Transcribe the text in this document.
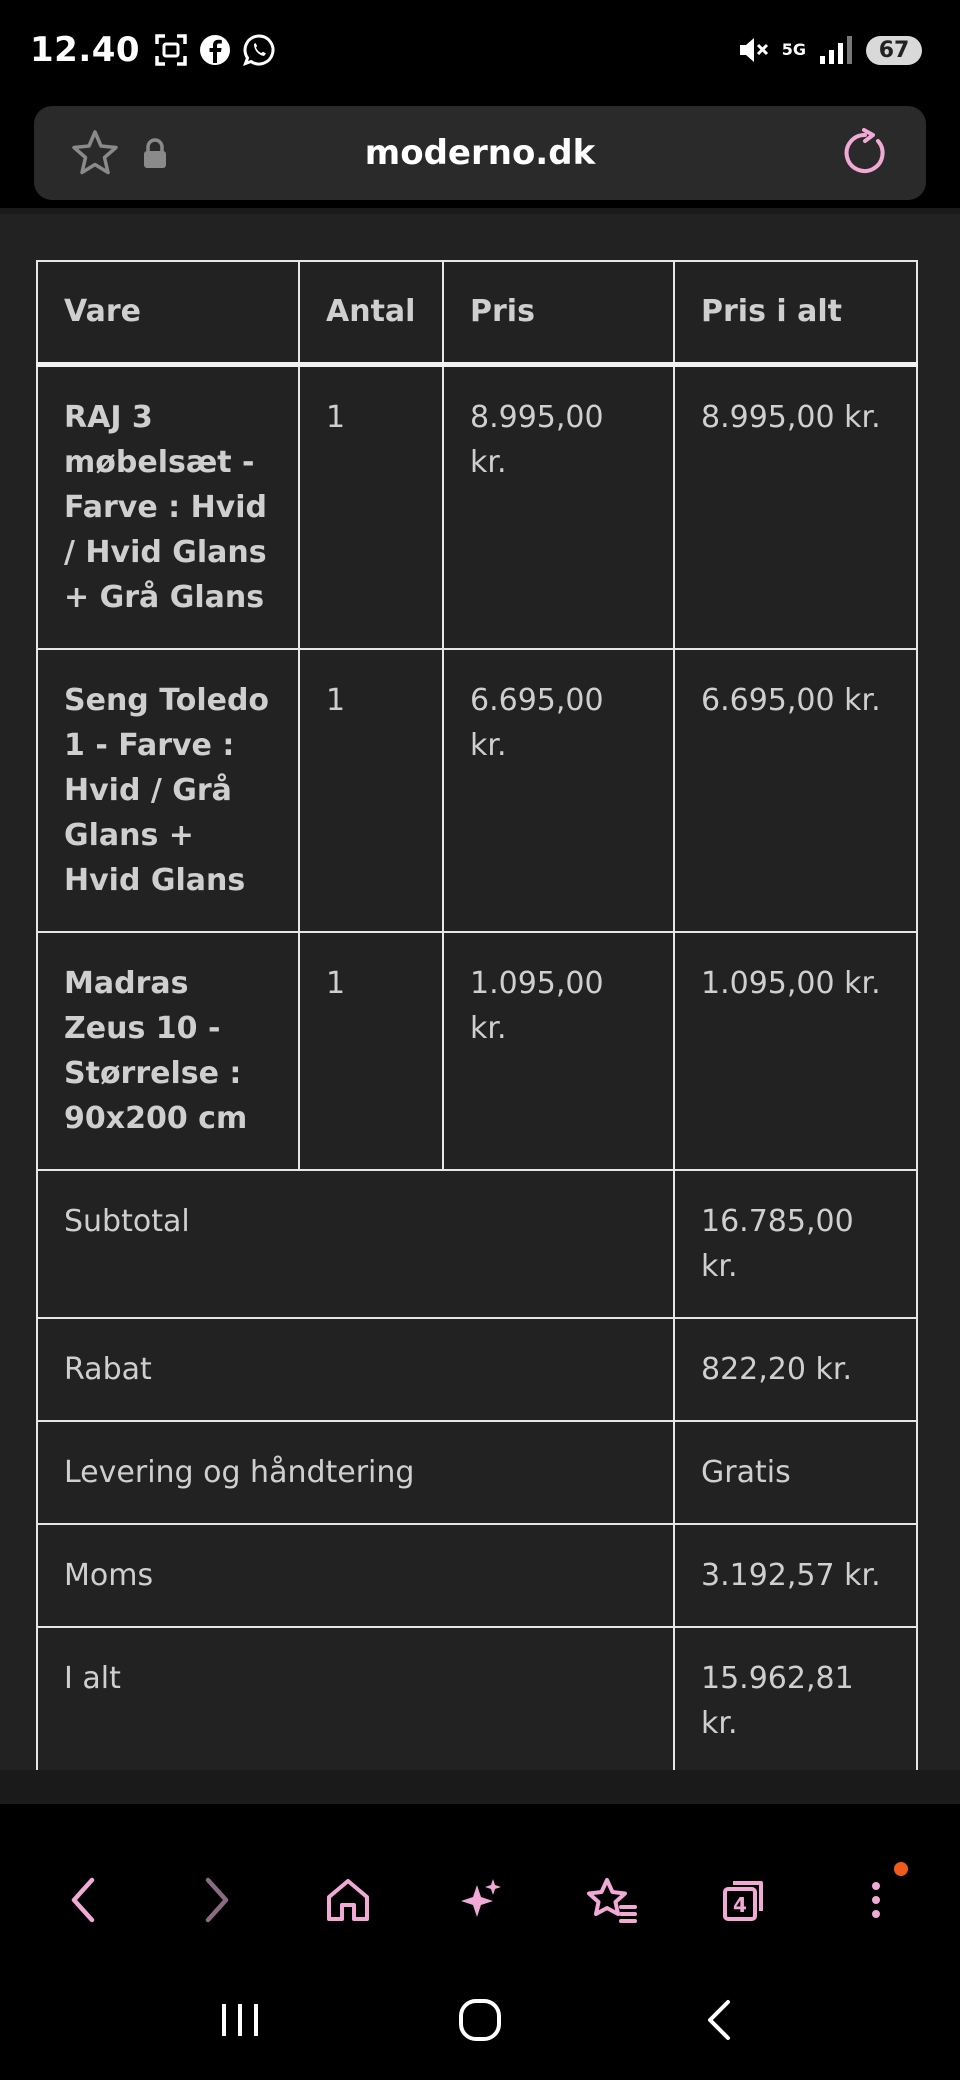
12.40	5G	67
moderno.dk
Vare	Antal	Pris	Pris i alt
RAJ 3 møbelsæt - Farve : Hvid / Hvid Glans + Grå Glans	1	8.995,00 kr.	8.995,00 kr.
Seng Toledo 1 - Farve : Hvid / Grå Glans + Hvid Glans	1	6.695,00 kr.	6.695,00 kr.
Madras Zeus 10 - Størrelse : 90x200 cm	1	1.095,00 kr.	1.095,00 kr.
Subtotal			16.785,00 kr.
Rabat			822,20 kr.
Levering og håndtering			Gratis
Moms			3.192,57 kr.
I alt			15.962,81 kr.
4
